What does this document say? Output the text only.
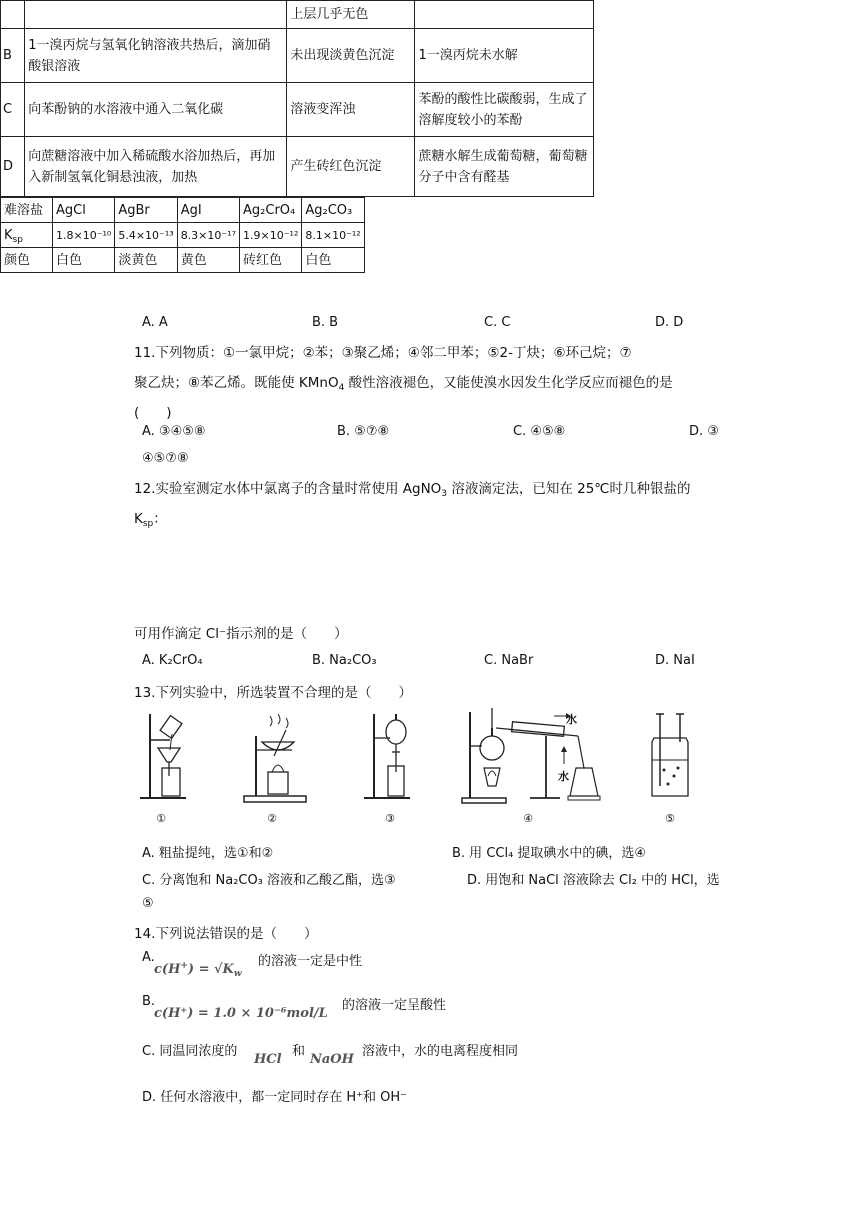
		上层几乎无色	
B	1一溴丙烷与氢氧化钠溶液共热后，滴加硝酸银溶液	未出现淡黄色沉淀	1一溴丙烷未水解
C	向苯酚钠的水溶液中通入二氧化碳	溶液变浑浊	苯酚的酸性比碳酸弱，生成了溶解度较小的苯酚
D	向蔗糖溶液中加入稀硫酸水浴加热后，再加入新制氢氧化铜悬浊液，加热	产生砖红色沉淀	蔗糖水解生成葡萄糖，葡萄糖分子中含有醛基
A. A	B. B	C. C	D. D
11.下列物质：①一氯甲烷；②苯；③聚乙烯；④邻二甲苯；⑤2-丁炔；⑥环己烷；⑦
聚乙炔；⑧苯乙烯。既能使 KMnO$_4$ 酸性溶液褪色，又能使溴水因发生化学反应而褪色的是
(　　)
A. ③④⑤⑧	B. ⑤⑦⑧	C. ④⑤⑧	D. ③
④⑤⑦⑧
12.实验室测定水体中氯离子的含量时常使用 AgNO$_3$ 溶液滴定法，已知在 25℃时几种银盐的
$K_{sp}$：
难溶盐	AgCl	AgBr	AgI	Ag₂CrO₄	Ag₂CO₃
$K_{sp}$	1.8×10⁻¹⁰	5.4×10⁻¹³	8.3×10⁻¹⁷	1.9×10⁻¹²	8.1×10⁻¹²
颜色	白色	淡黄色	黄色	砖红色	白色
可用作滴定 Cl⁻指示剂的是（　　）
A. K₂CrO₄	B. Na₂CO₃	C. NaBr	D. NaI
13.下列实验中，所选装置不合理的是（　　）
①	②	③
水
水
④	⑤
A. 粗盐提纯，选①和②	B. 用 CCl₄ 提取碘水中的碘，选④
C. 分离饱和 Na₂CO₃ 溶液和乙酸乙酯，选③	D. 用饱和 NaCl 溶液除去 Cl₂ 中的 HCl，选
⑤
14.下列说法错误的是（　　）
A.
$c(H^+) = √K_w$
的溶液一定是中性
B.
c(H⁺) = 1.0 × 10⁻⁶mol/L
的溶液一定呈酸性
C. 同温同浓度的
HCl
和
NaOH
溶液中，水的电离程度相同
D. 任何水溶液中，都一定同时存在 H⁺和 OH⁻
